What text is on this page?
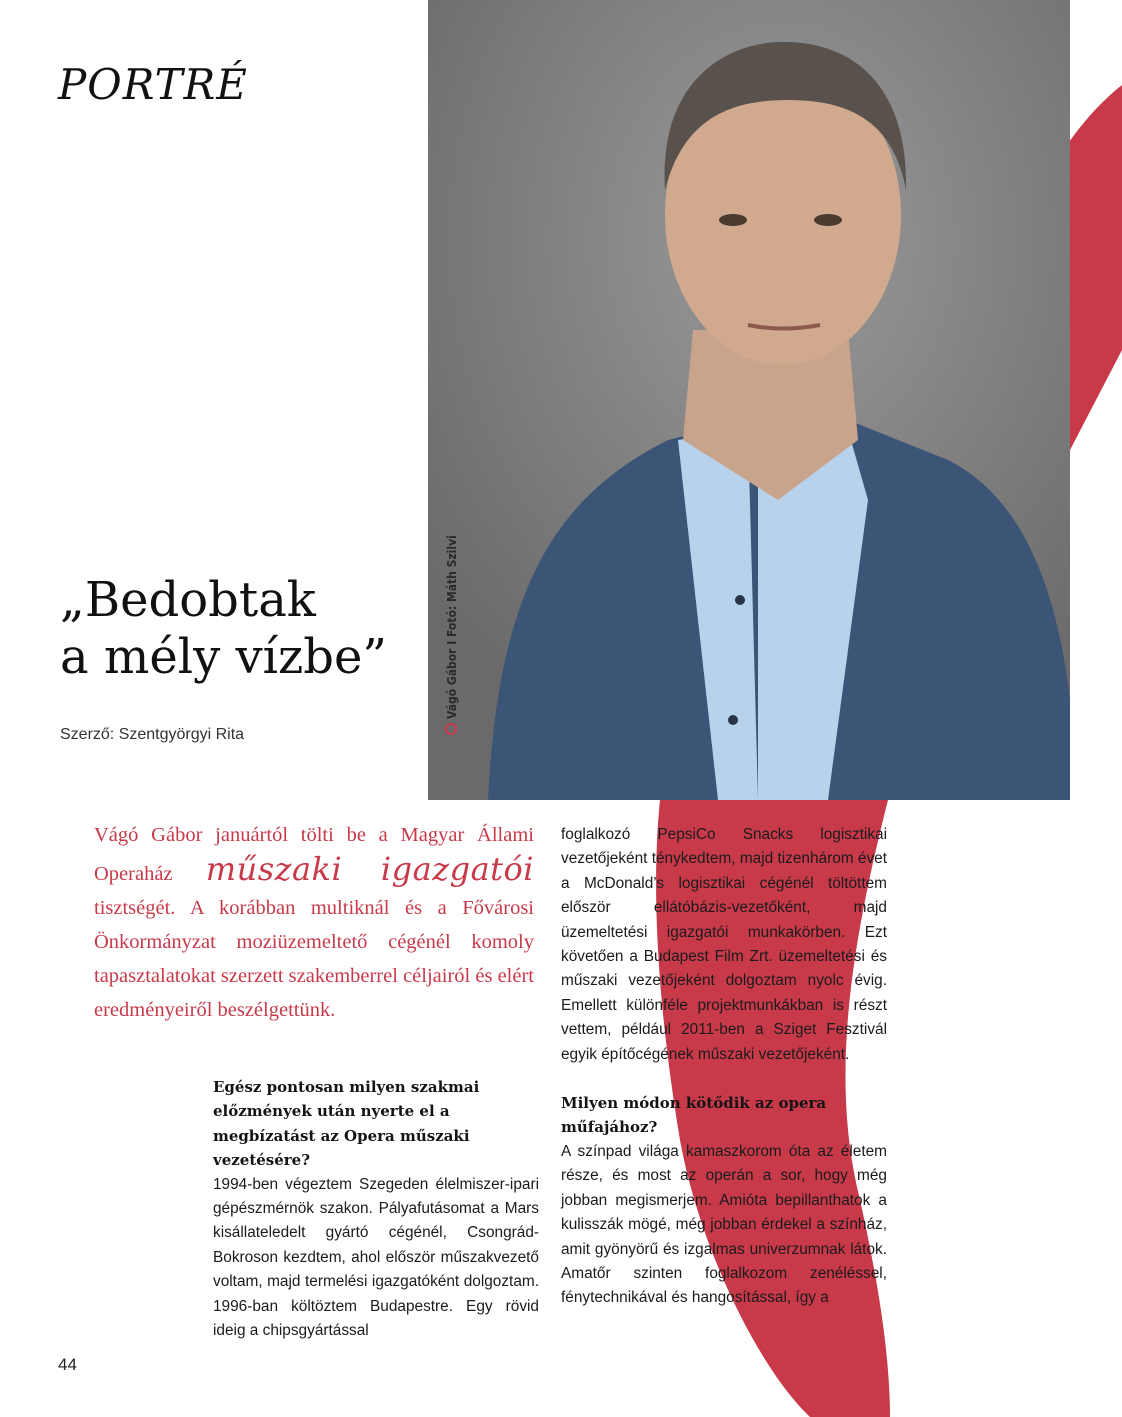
PORTRÉ
Vágó Gábor I Fotó: Máth Szilvi
„Bedobtak
a mély vízbe”
Szerző: Szentgyörgyi Rita
Vágó Gábor januártól tölti be a Magyar Állami Operaház műszaki igazgatói tisztségét. A korábban multiknál és a Fővárosi Önkormányzat moziüzemeltető cégénél komoly tapasztalatokat szerzett szakemberrel céljairól és elért eredményeiről beszélgettünk.
Egész pontosan milyen szakmai előzmények után nyerte el a megbízatást az Opera műszaki vezetésére?
1994-ben végeztem Szegeden élelmiszer-ipari gépészmérnök szakon. Pályafutásomat a Mars kisállateledelt gyártó cégénél, Csongrád-Bokroson kezdtem, ahol először műszakvezető voltam, majd termelési igazgatóként dolgoztam. 1996-ban költöztem Budapestre. Egy rövid ideig a chipsgyártással
foglalkozó PepsiCo Snacks logisztikai vezetőjeként ténykedtem, majd tizenhárom évet a McDonald’s logisztikai cégénél töltöttem először ellátóbázis-vezetőként, majd üzemeltetési igazgatói munkakörben. Ezt követően a Budapest Film Zrt. üzemeltetési és műszaki vezetőjeként dolgoztam nyolc évig. Emellett különféle projektmunkákban is részt vettem, például 2011-ben a Sziget Fesztivál egyik építőcégének műszaki vezetőjeként.
Milyen módon kötődik az opera műfajához?
A színpad világa kamaszkorom óta az életem része, és most az operán a sor, hogy még jobban megismerjem. Amióta bepillanthatok a kulisszák mögé, még jobban érdekel a színház, amit gyönyörű és izgalmas univerzumnak látok. Amatőr szinten foglalkozom zenéléssel, fénytechnikával és hangosítással, így a
44
